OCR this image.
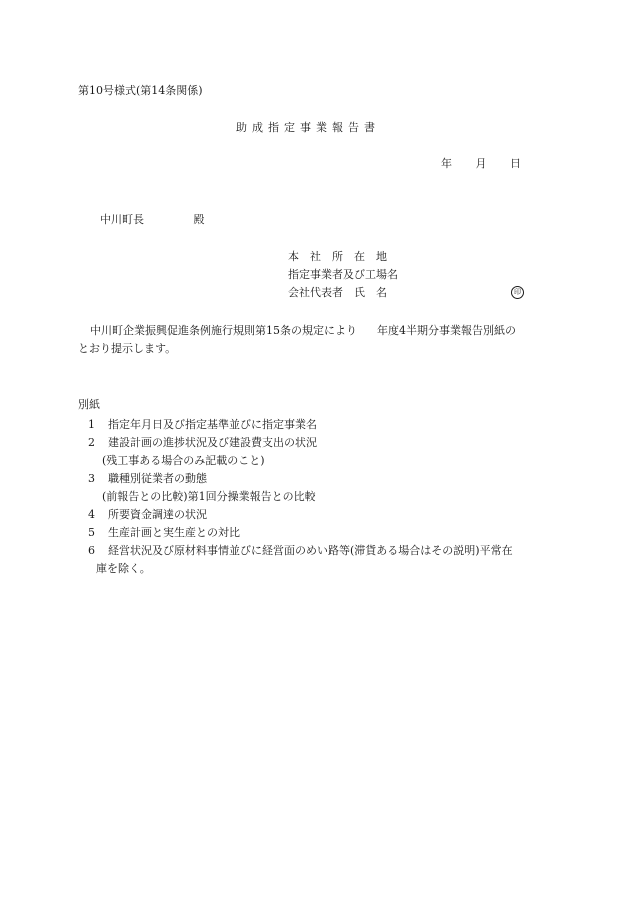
第10号様式(第14条関係)
助成指定事業報告書
年 月 日
中川町長	殿
本　社　所　在　地
指定事業者及び工場名
会社代表者　氏　名	印
中川町企業振興促進条例施行規則第15条の規定により 年度4半期分事業報告別紙の
とおり提示します。
別紙
1 指定年月日及び指定基準並びに指定事業名
2 建設計画の進捗状況及び建設費支出の状況
(残工事ある場合のみ記載のこと)
3 職種別従業者の動態
(前報告との比較)第1回分操業報告との比較
4 所要資金調達の状況
5 生産計画と実生産との対比
6 経営状況及び原材料事情並びに経営面のめい路等(滞貨ある場合はその説明)平常在
庫を除く。
